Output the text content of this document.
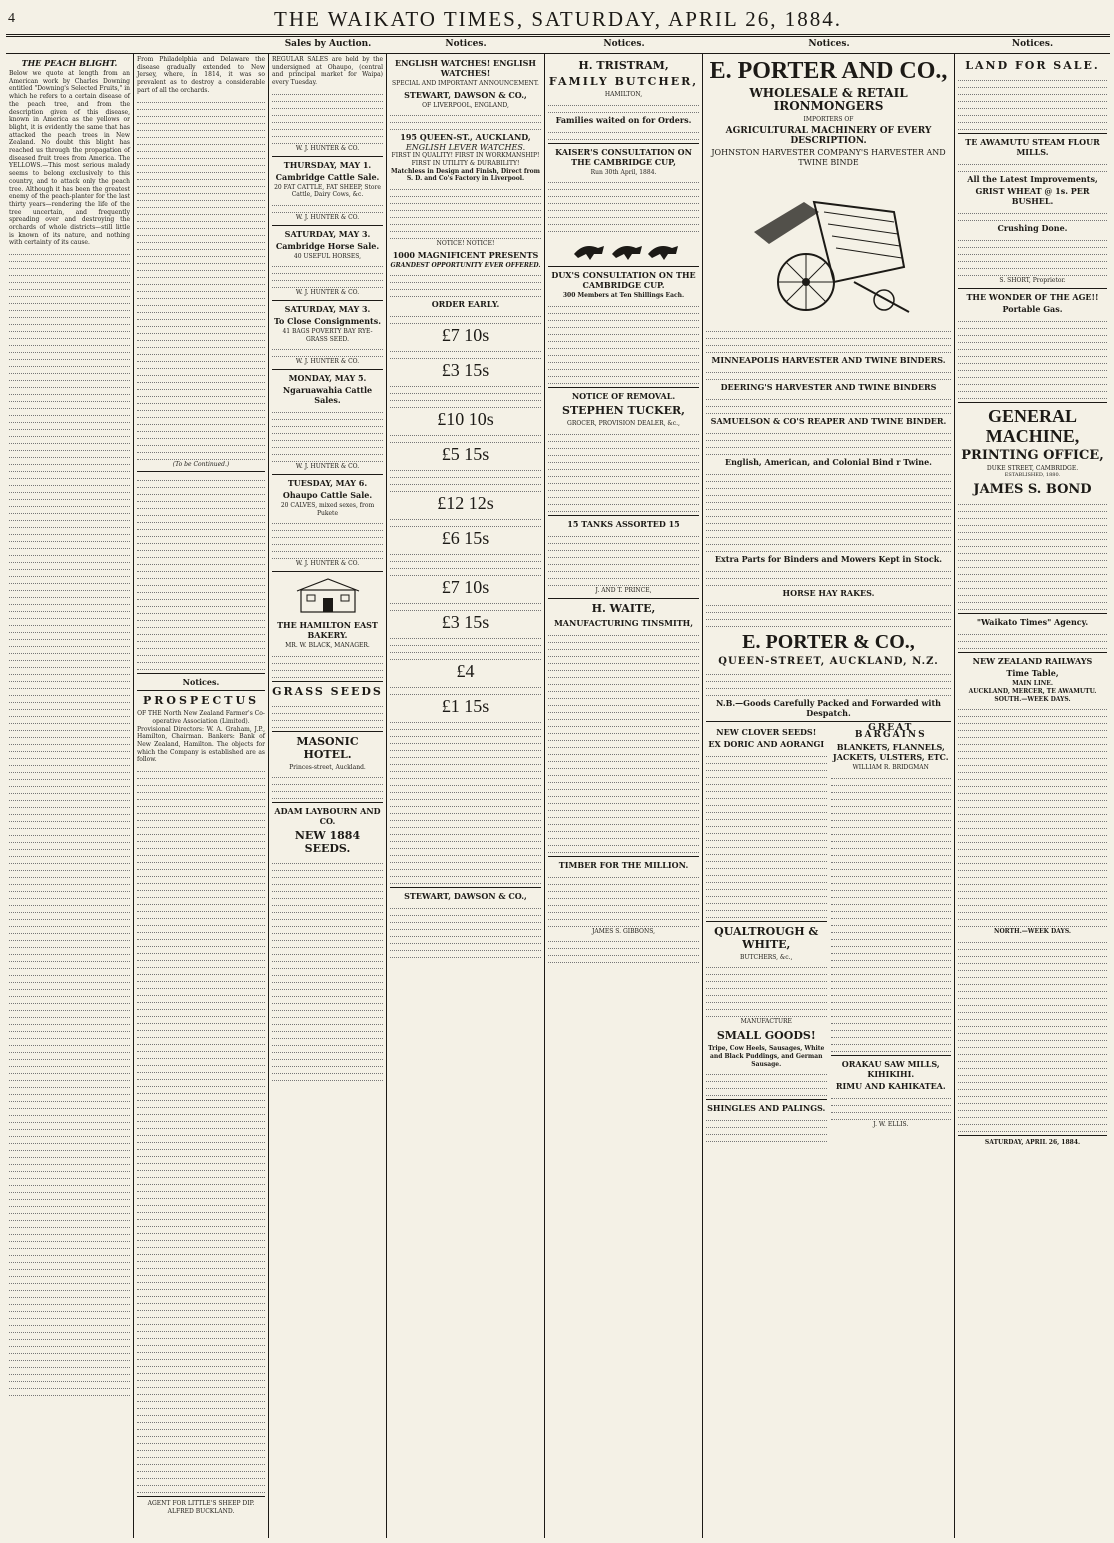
4	THE WAIKATO TIMES, SATURDAY, APRIL 26, 1884.
Sales by Auction.	Notices.	Notices.	Notices.	Notices.
THE PEACH BLIGHT.

Below we quote at length from an American work by Charles Downing entitled "Downing's Selected Fruits," in which he refers to a certain disease of the peach tree, and from the description given of this disease, known in America as the yellows or blight, it is evidently the same that has attacked the peach trees in New Zealand. No doubt this blight has reached us through the propagation of diseased fruit trees from America. The YELLOWS.—This most serious malady seems to belong exclusively to this country, and to attack only the peach tree. Although it has been the greatest enemy of the peach-planter for the last thirty years—rendering the life of the tree uncertain, and frequently spreading over and destroying the orchards of whole districts—still little is known of its nature, and nothing with certainty of its cause.

From Philadelphia and Delaware the disease gradually extended to New Jersey, where, in 1814, it was so prevalent as to destroy a considerable part of all the orchards.

(To be Continued.)
Notices.
PROSPECTUS
OF THE North New Zealand Farmer's Co-operative Association (Limited).

Provisional Directors: W. A. Graham, J.P., Hamilton, Chairman. Bankers: Bank of New Zealand, Hamilton. The objects for which the Company is established are as follow.

AGENT FOR LITTLE'S SHEEP DIP.
ALFRED BUCKLAND.

REGULAR SALES are held by the undersigned at Ohaupo, (central and principal market for Waipa) every Tuesday.

W. J. HUNTER & CO.
THURSDAY, MAY 1.
Cambridge Cattle Sale.
20 FAT CATTLE, FAT SHEEP, Store Cattle, Dairy Cows, &c.
W. J. HUNTER & CO.
SATURDAY, MAY 3.
Cambridge Horse Sale.
40 USEFUL HORSES,
W. J. HUNTER & CO.
SATURDAY, MAY 3.
To Close Consignments.
41 BAGS POVERTY BAY RYE-GRASS SEED.
W. J. HUNTER & CO.
MONDAY, MAY 5.
Ngaruawahia Cattle Sales.
W. J. HUNTER & CO.
TUESDAY, MAY 6.
Ohaupo Cattle Sale.
20 CALVES, mixed sexes, from Pukete
W. J. HUNTER & CO.
THE HAMILTON EAST BAKERY.
MR. W. BLACK, MANAGER.
GRASS SEEDS
MASONIC HOTEL.
Princes-street, Auckland.
ADAM LAYBOURN AND CO.
NEW 1884 SEEDS.
ENGLISH WATCHES! ENGLISH WATCHES!
SPECIAL AND IMPORTANT ANNOUNCEMENT.
STEWART, DAWSON & CO.,
OF LIVERPOOL, ENGLAND,
195 QUEEN-ST., AUCKLAND,
ENGLISH LEVER WATCHES.
FIRST IN QUALITY! FIRST IN WORKMANSHIP! FIRST IN UTILITY & DURABILITY!
Matchless in Design and Finish, Direct from S. D. and Co's Factory in Liverpool.
NOTICE! NOTICE!
1000 MAGNIFICENT PRESENTS
GRANDEST OPPORTUNITY EVER OFFERED.
ORDER EARLY.
£7 10s
£3 15s
£10 10s
£5 15s
£12 12s
£6 15s
£7 10s
£3 15s
£4
£1 15s
STEWART, DAWSON & CO.,
H. TRISTRAM,
FAMILY BUTCHER,
HAMILTON,
Families waited on for Orders.
KAISER'S CONSULTATION ON THE CAMBRIDGE CUP,
Run 30th April, 1884.
DUX'S CONSULTATION ON THE CAMBRIDGE CUP.
300 Members at Ten Shillings Each.
NOTICE OF REMOVAL.
STEPHEN TUCKER,
GROCER, PROVISION DEALER, &c.,
15 TANKS ASSORTED 15
J. AND T. PRINCE,
H. WAITE,
MANUFACTURING TINSMITH,
TIMBER FOR THE MILLION.
JAMES S. GIBBONS,
E. PORTER AND CO.,
WHOLESALE & RETAIL IRONMONGERS
IMPORTERS OF
AGRICULTURAL MACHINERY OF EVERY DESCRIPTION.
JOHNSTON HARVESTER COMPANY'S HARVESTER AND TWINE BINDE
MINNEAPOLIS HARVESTER AND TWINE BINDERS.
DEERING'S HARVESTER AND TWINE BINDERS
SAMUELSON & CO'S REAPER AND TWINE BINDER.
English, American, and Colonial Bind r Twine.
Extra Parts for Binders and Mowers Kept in Stock.
HORSE HAY RAKES.
E. PORTER & CO.,
QUEEN-STREET, AUCKLAND, N.Z.
N.B.—Goods Carefully Packed and Forwarded with Despatch.
NEW CLOVER SEEDS!
EX DORIC AND AORANGI
QUALTROUGH & WHITE,
BUTCHERS, &c.,
MANUFACTURE
SMALL GOODS!
Tripe, Cow Heels, Sausages, White and Black Puddings, and German Sausage.
SHINGLES AND PALINGS.
GREAT BARGAINS
BLANKETS, FLANNELS, JACKETS, ULSTERS, ETC.
WILLIAM R. BRIDGMAN
ORAKAU SAW MILLS, KIHIKIHI.
RIMU AND KAHIKATEA.
J. W. ELLIS.
LAND FOR SALE.
TE AWAMUTU STEAM FLOUR MILLS.
All the Latest Improvements,
GRIST WHEAT @ 1s. PER BUSHEL.
Crushing Done.
S. SHORT, Proprietor.
THE WONDER OF THE AGE!!
Portable Gas.
GENERAL MACHINE,
PRINTING OFFICE,
DUKE STREET, CAMBRIDGE.
ESTABLISHED, 1880.
JAMES S. BOND
"Waikato Times" Agency.
NEW ZEALAND RAILWAYS
Time Table,
MAIN LINE.
AUCKLAND, MERCER, TE AWAMUTU.
SOUTH.—WEEK DAYS.
NORTH.—WEEK DAYS.
SATURDAY, APRIL 26, 1884.
